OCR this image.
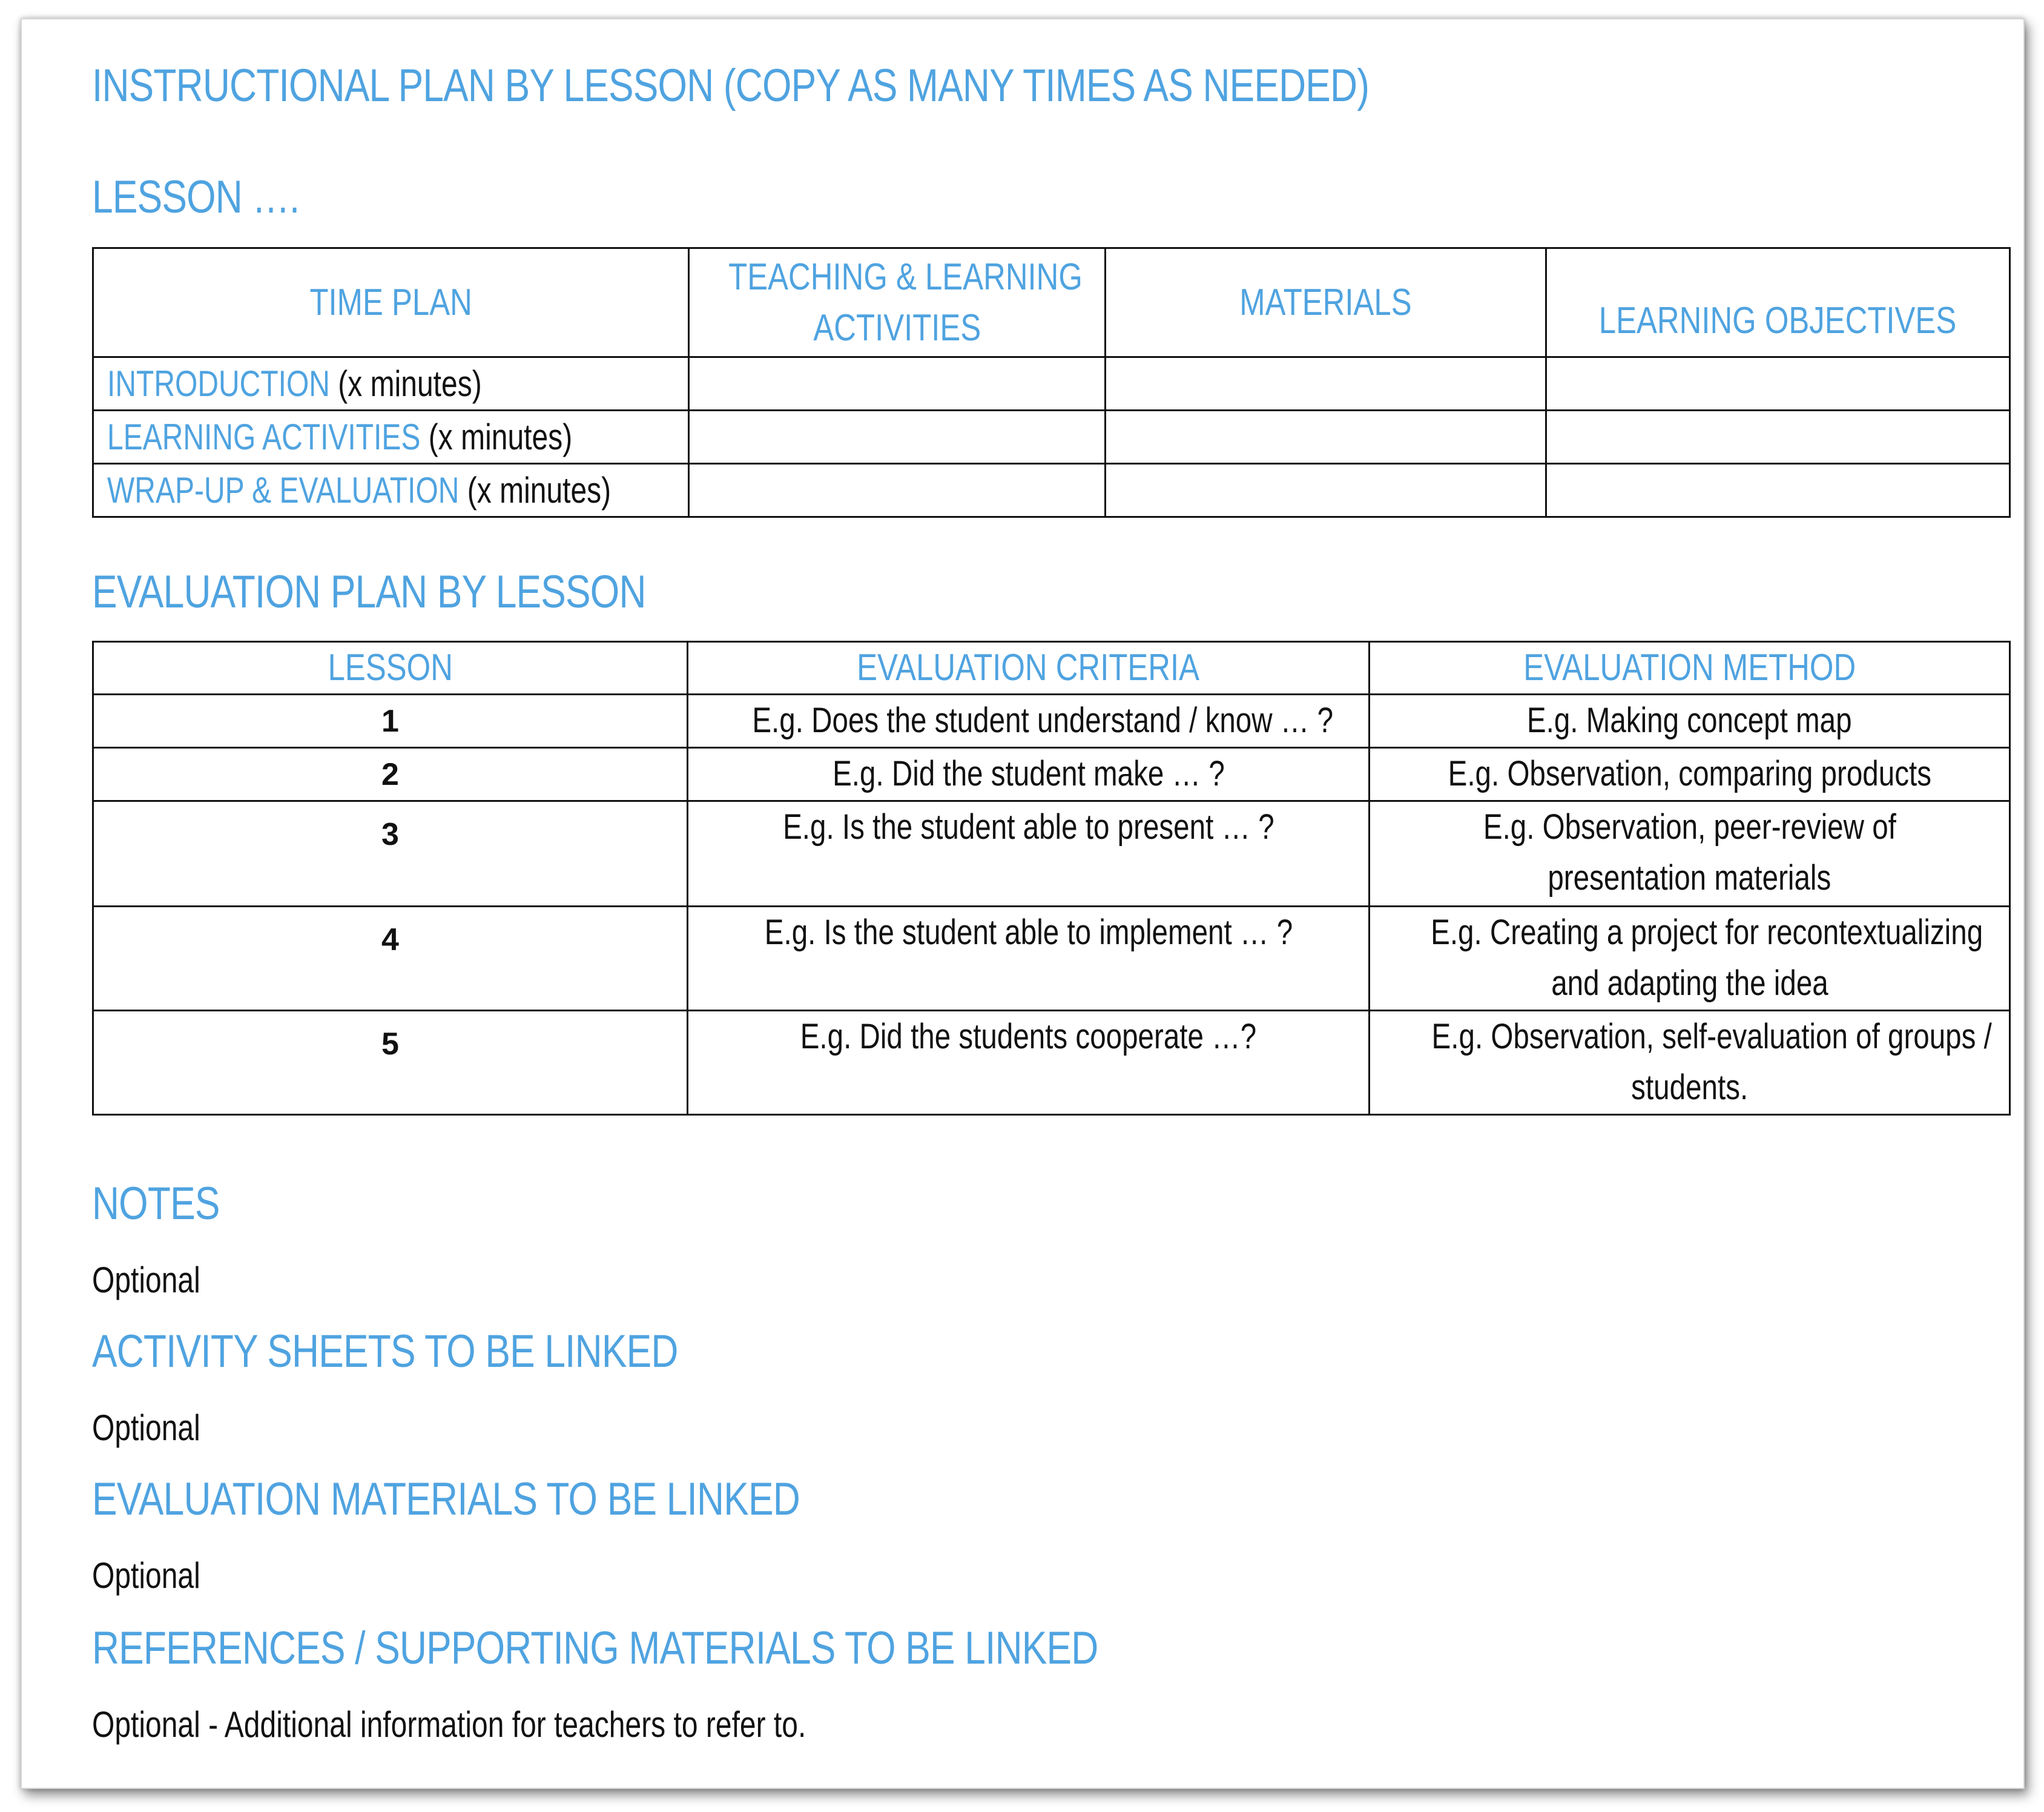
INSTRUCTIONAL PLAN BY LESSON (COPY AS MANY TIMES AS NEEDED)
LESSON ….
TIME PLAN	TEACHING & LEARNING
ACTIVITIES	MATERIALS	LEARNING OBJECTIVES
INTRODUCTION (x minutes)			
LEARNING ACTIVITIES (x minutes)			
WRAP-UP & EVALUATION (x minutes)			
EVALUATION PLAN BY LESSON
LESSON	EVALUATION CRITERIA	EVALUATION METHOD
1	E.g. Does the student understand / know … ?	E.g. Making concept map
2	E.g. Did the student make … ?	E.g. Observation, comparing products
3	E.g. Is the student able to present … ?	E.g. Observation, peer-review of
presentation materials
4	E.g. Is the student able to implement … ?	E.g. Creating a project for recontextualizing
and adapting the idea
5	E.g. Did the students cooperate …?	E.g. Observation, self-evaluation of groups /
students.
NOTES

Optional

ACTIVITY SHEETS TO BE LINKED

Optional

EVALUATION MATERIALS TO BE LINKED

Optional

REFERENCES / SUPPORTING MATERIALS TO BE LINKED

Optional - Additional information for teachers to refer to.
